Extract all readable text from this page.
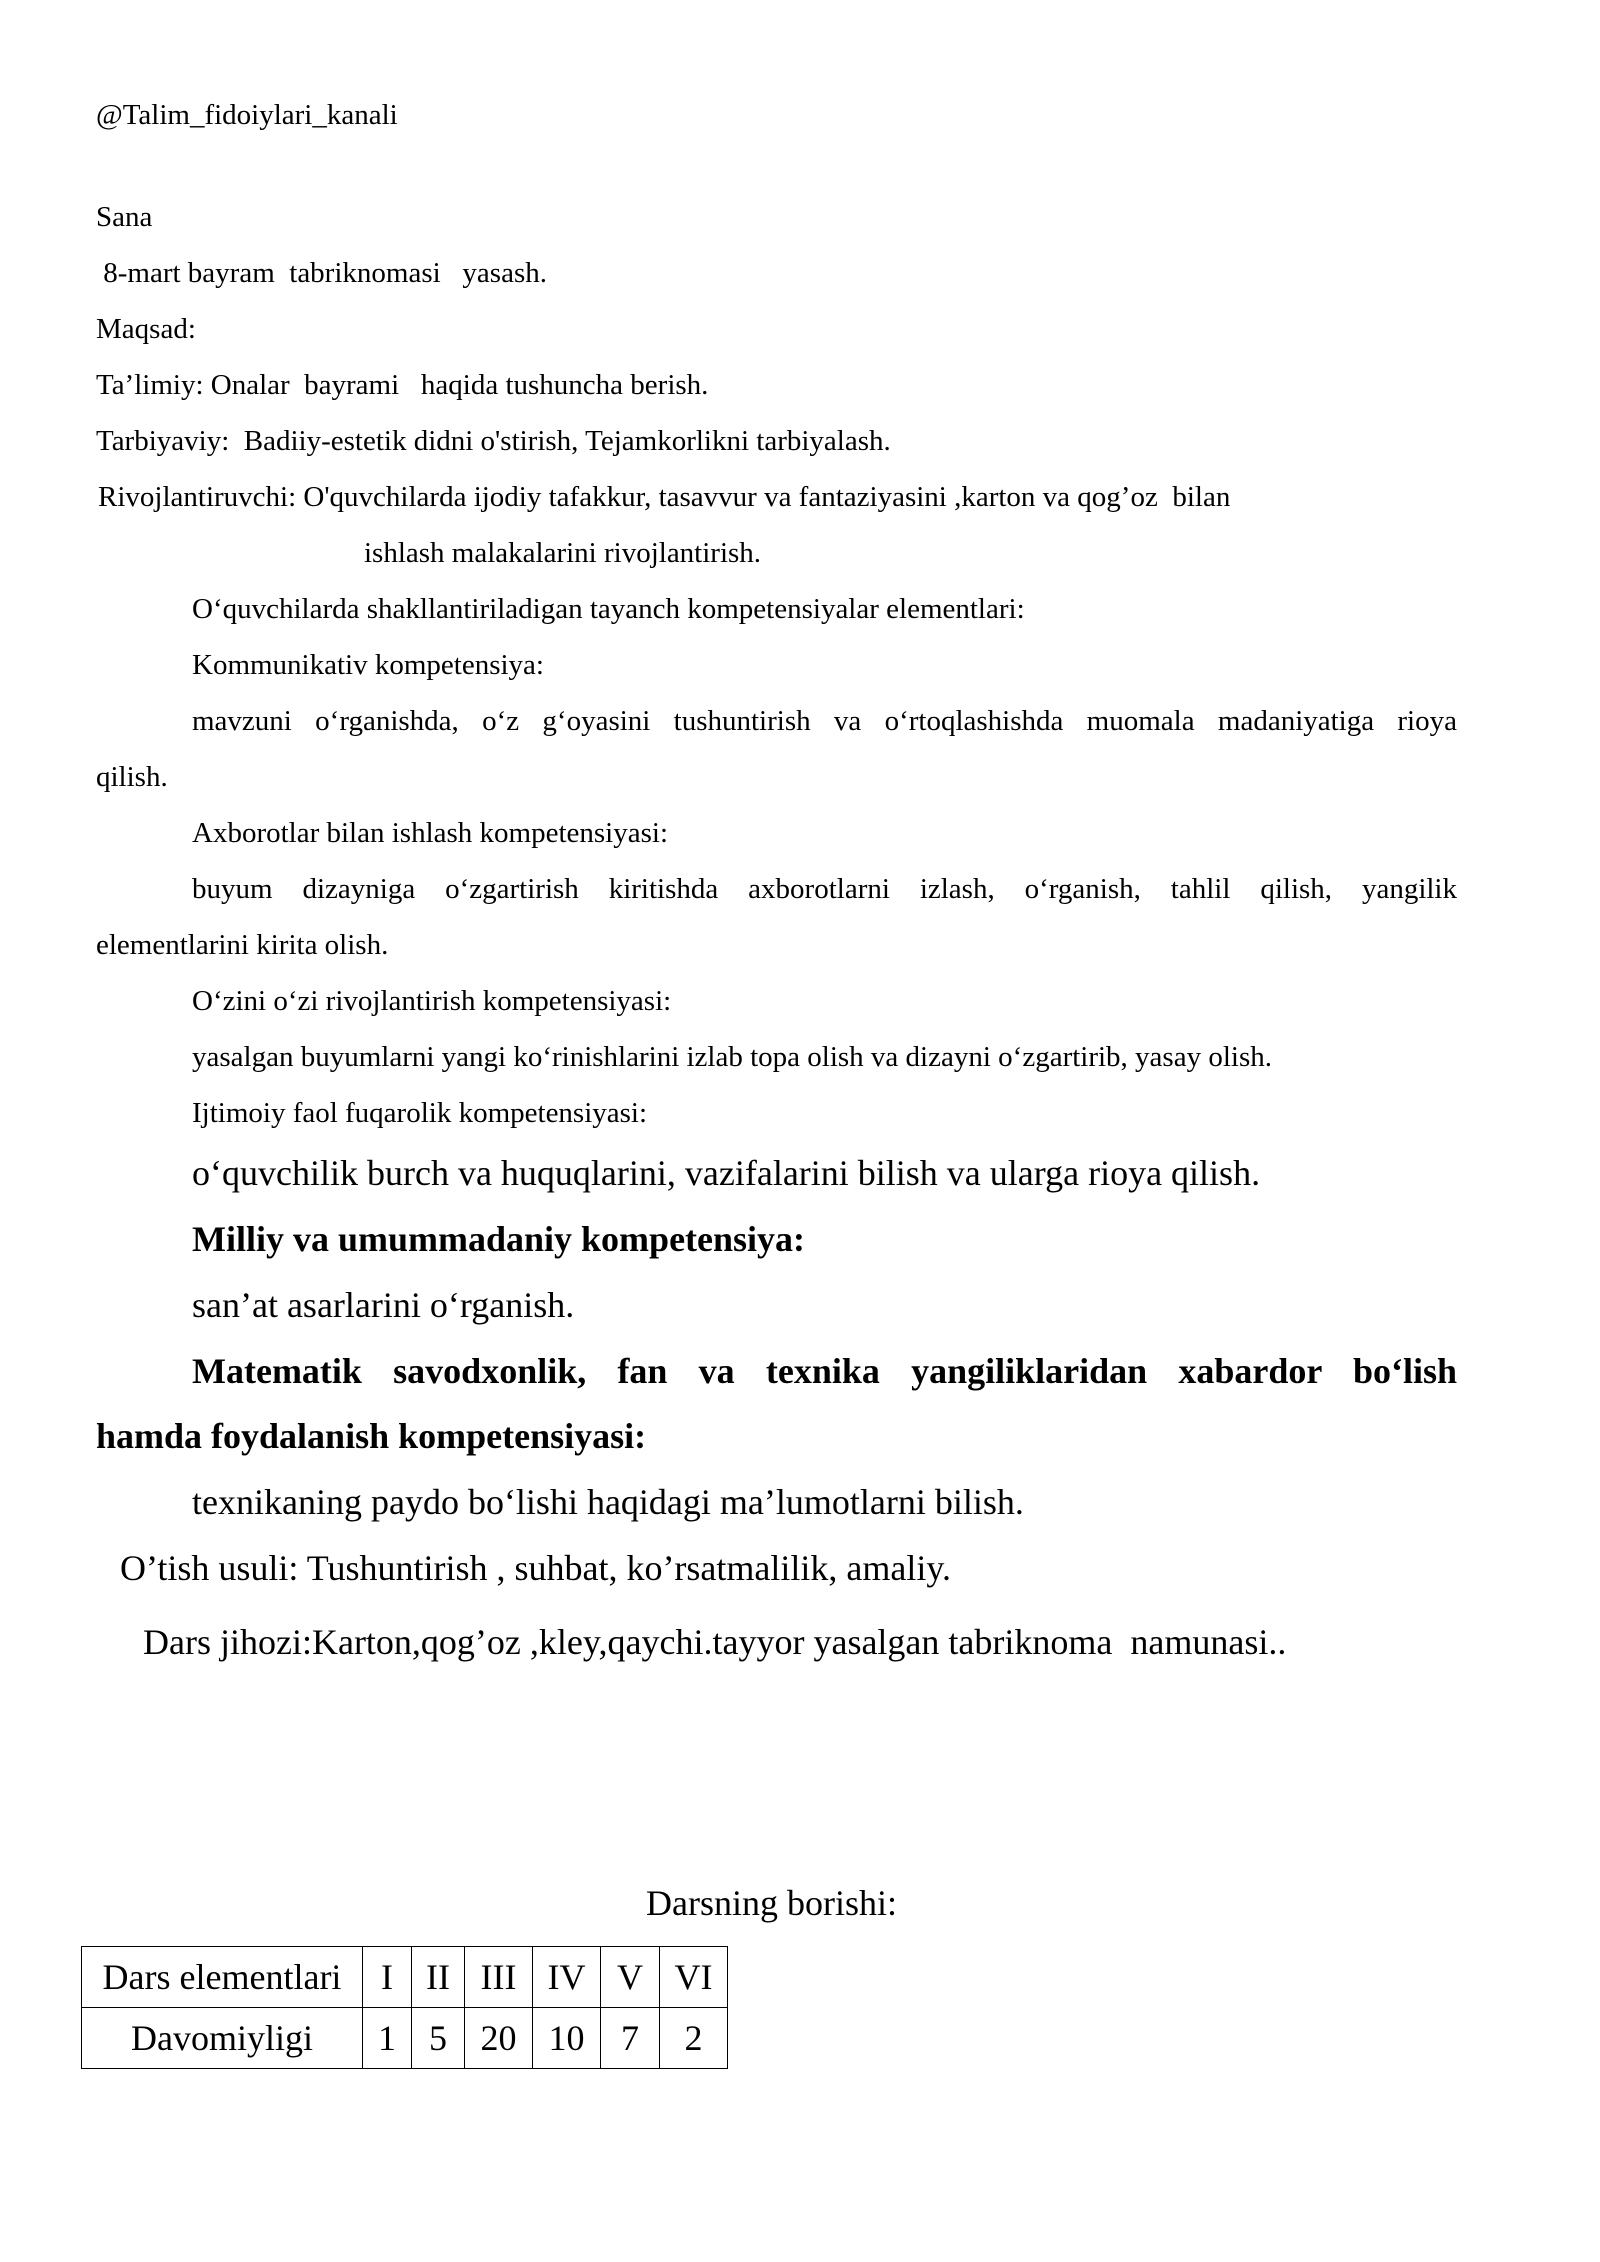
@Talim_fidoiylari_kanali
Sana
8-mart bayram  tabriknomasi   yasash.
Maqsad:
Ta’limiy: Onalar  bayrami   haqida tushuncha berish.
Tarbiyaviy:  Badiiy-estetik didni o'stirish, Tejamkorlikni tarbiyalash.
Rivojlantiruvchi: O'quvchilarda ijodiy tafakkur, tasavvur va fantaziyasini ,karton va qog’oz  bilan
ishlash malakalarini rivojlantirish.
O‘quvchilarda shakllantiriladigan tayanch kompetensiyalar elementlari:
Kommunikativ kompetensiya:
mavzuni o‘rganishda, o‘z g‘oyasini tushuntirish va o‘rtoqlashishda muomala madaniyatiga rioya
qilish.
Axborotlar bilan ishlash kompetensiyasi:
buyum dizayniga o‘zgartirish kiritishda axborotlarni izlash, o‘rganish, tahlil qilish, yangilik
elementlarini kirita olish.
O‘zini o‘zi rivojlantirish kompetensiyasi:
yasalgan buyumlarni yangi ko‘rinishlarini izlab topa olish va dizayni o‘zgartirib, yasay olish.
Ijtimoiy faol fuqarolik kompetensiyasi:
o‘quvchilik burch va huquqlarini, vazifalarini bilish va ularga rioya qilish.
Milliy va umummadaniy kompetensiya:
san’at asarlarini o‘rganish.
Matematik savodxonlik, fan va texnika yangiliklaridan xabardor bo‘lish
hamda foydalanish kompetensiyasi:
texnikaning paydo bo‘lishi haqidagi ma’lumotlarni bilish.
O’tish usuli: Tushuntirish , suhbat, ko’rsatmalilik, amaliy.
Dars jihozi:Karton,qog’oz ,kley,qaychi.tayyor yasalgan tabriknoma  namunasi..
Darsning borishi:
Dars elementlari	I	II	III	IV	V	VI
Davomiyligi	1	5	20	10	7	2
